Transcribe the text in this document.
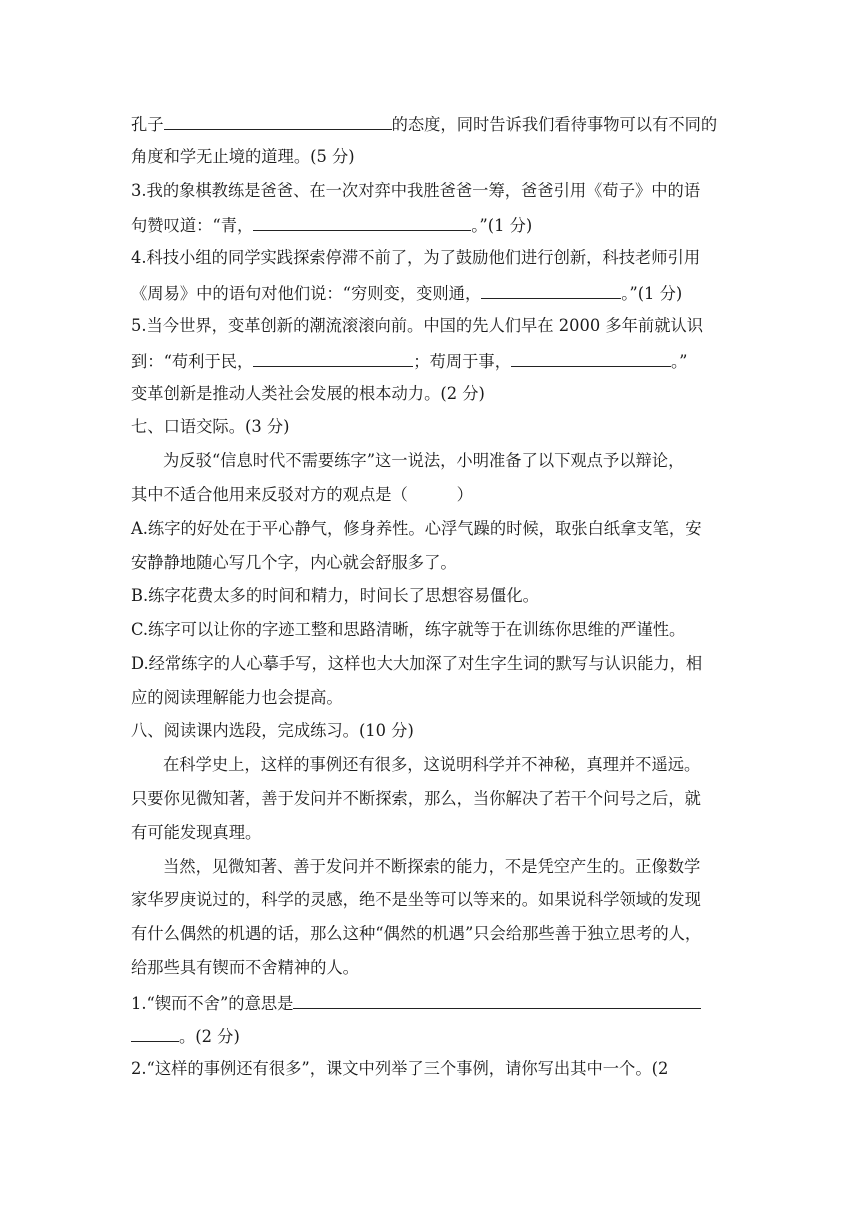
孔子	的态度，同时告诉我们看待事物可以有不同的
角度和学无止境的道理。(5 分)
3.我的象棋教练是爸爸、在一次对弈中我胜爸爸一筹，爸爸引用《荀子》中的语
句赞叹道：“青，	。”(1 分)
4.科技小组的同学实践探索停滞不前了，为了鼓励他们进行创新，科技老师引用
《周易》中的语句对他们说：“穷则变，变则通，	。”(1 分)
5.当今世界，变革创新的潮流滚滚向前。中国的先人们早在 2000 多年前就认识
到：“苟利于民，	；苟周于事，	。”
变革创新是推动人类社会发展的根本动力。(2 分)
七、口语交际。(3 分)
为反驳“信息时代不需要练字”这一说法，小明准备了以下观点予以辩论，
其中不适合他用来反驳对方的观点是（　　　）
A.练字的好处在于平心静气，修身养性。心浮气躁的时候，取张白纸拿支笔，安
安静静地随心写几个字，内心就会舒服多了。
B.练字花费太多的时间和精力，时间长了思想容易僵化。
C.练字可以让你的字迹工整和思路清晰，练字就等于在训练你思维的严谨性。
D.经常练字的人心摹手写，这样也大大加深了对生字生词的默写与认识能力，相
应的阅读理解能力也会提高。
八、阅读课内选段，完成练习。(10 分)
在科学史上，这样的事例还有很多，这说明科学并不神秘，真理并不遥远。
只要你见微知著，善于发问并不断探索，那么，当你解决了若干个问号之后，就
有可能发现真理。
当然，见微知著、善于发问并不断探索的能力，不是凭空产生的。正像数学
家华罗庚说过的，科学的灵感，绝不是坐等可以等来的。如果说科学领域的发现
有什么偶然的机遇的话，那么这种“偶然的机遇”只会给那些善于独立思考的人，
给那些具有锲而不舍精神的人。
1.“锲而不舍”的意思是
。(2 分)
2.“这样的事例还有很多”，课文中列举了三个事例，请你写出其中一个。(2
